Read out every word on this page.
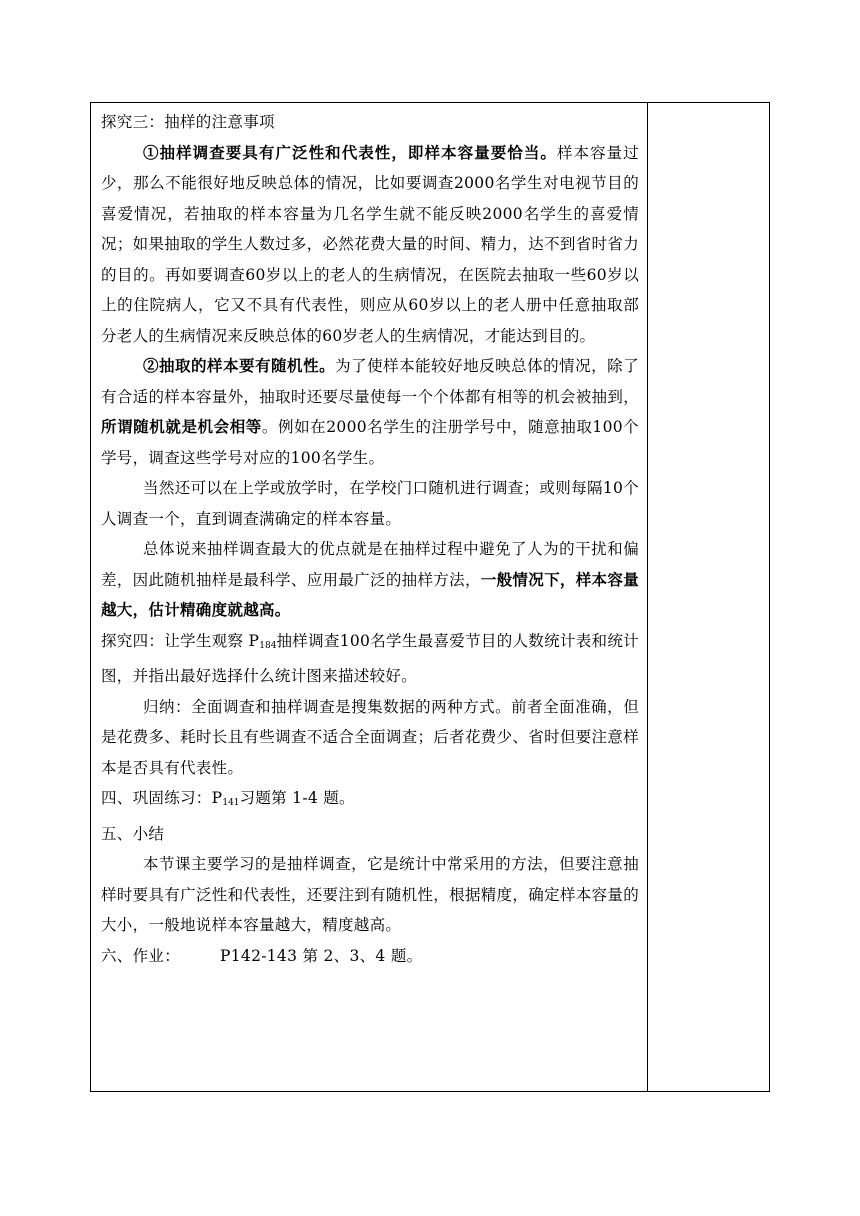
探究三：抽样的注意事项

①抽样调查要具有广泛性和代表性，即样本容量要恰当。样本容量过少，那么不能很好地反映总体的情况，比如要调查2000名学生对电视节目的喜爱情况，若抽取的样本容量为几名学生就不能反映2000名学生的喜爱情况；如果抽取的学生人数过多，必然花费大量的时间、精力，达不到省时省力的目的。再如要调查60岁以上的老人的生病情况，在医院去抽取一些60岁以上的住院病人，它又不具有代表性，则应从60岁以上的老人册中任意抽取部分老人的生病情况来反映总体的60岁老人的生病情况，才能达到目的。

②抽取的样本要有随机性。为了使样本能较好地反映总体的情况，除了有合适的样本容量外，抽取时还要尽量使每一个个体都有相等的机会被抽到，所谓随机就是机会相等。例如在2000名学生的注册学号中，随意抽取100个学号，调查这些学号对应的100名学生。

当然还可以在上学或放学时，在学校门口随机进行调查；或则每隔10个人调查一个，直到调查满确定的样本容量。

总体说来抽样调查最大的优点就是在抽样过程中避免了人为的干扰和偏差，因此随机抽样是最科学、应用最广泛的抽样方法，一般情况下，样本容量越大，估计精确度就越高。

探究四：让学生观察 $P_{184}$抽样调查100名学生最喜爱节目的人数统计表和统计图，并指出最好选择什么统计图来描述较好。

归纳：全面调查和抽样调查是搜集数据的两种方式。前者全面准确，但是花费多、耗时长且有些调查不适合全面调查；后者花费少、省时但要注意样本是否具有代表性。

四、巩固练习：$P_{141}$习题第 1-4 题。

五、小结

本节课主要学习的是抽样调查，它是统计中常采用的方法，但要注意抽样时要具有广泛性和代表性，还要注到有随机性，根据精度，确定样本容量的大小，一般地说样本容量越大，精度越高。

六、作业：	P142-143 第 2、3、4 题。
